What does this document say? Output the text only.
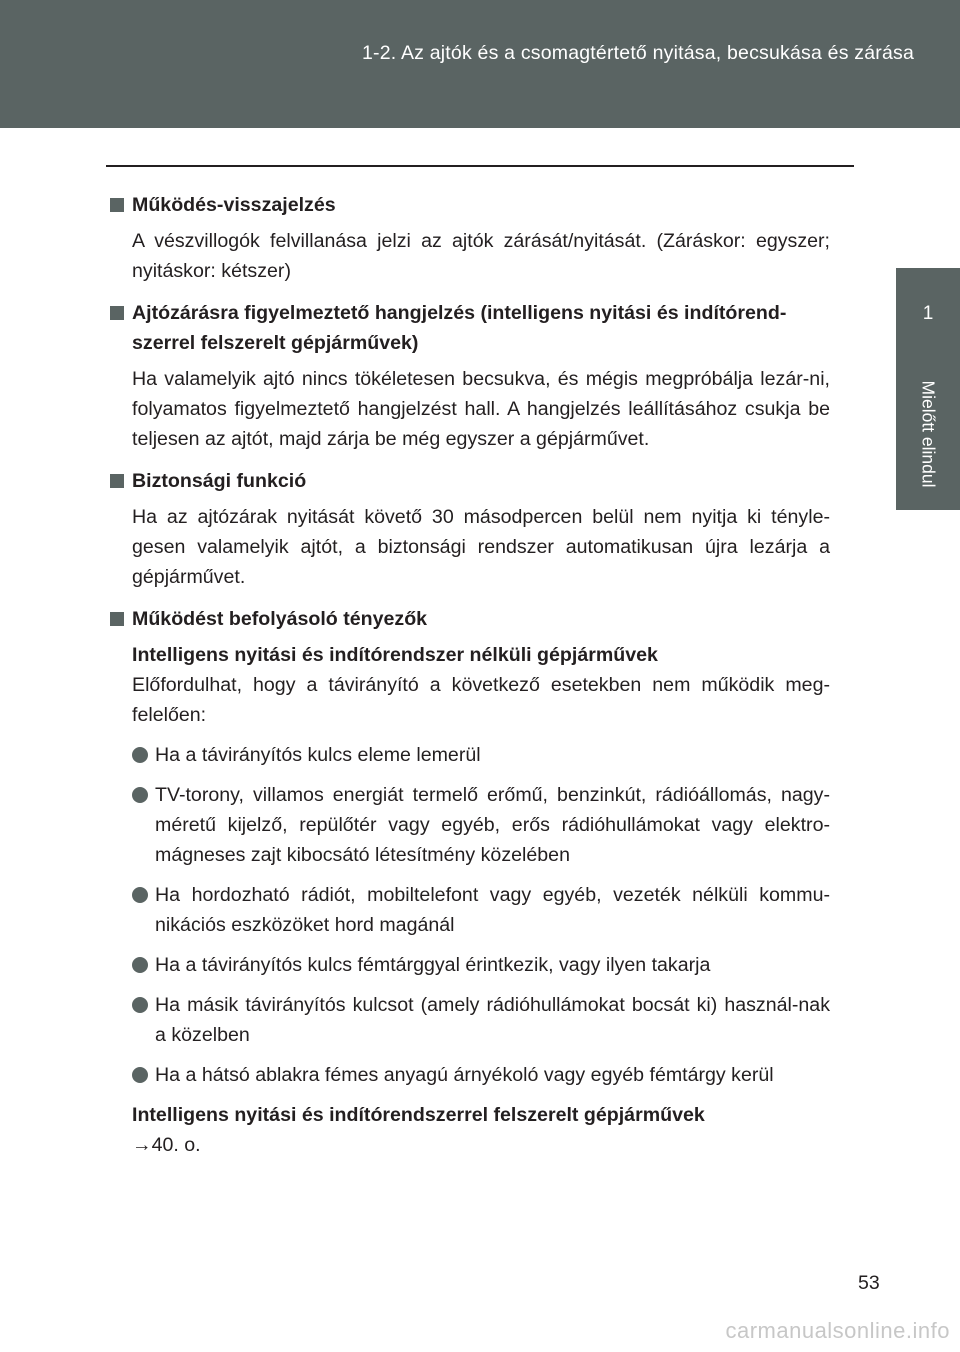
1-2. Az ajtók és a csomagtértető nyitása, becsukása és zárása
1
Mielőtt elindul
Működés-visszajelzés
A vészvillogók felvillanása jelzi az ajtók zárását/nyitását. (Záráskor: egyszer; nyitáskor: kétszer)
Ajtózárásra figyelmeztető hangjelzés (intelligens nyitási és indítórend-szerrel felszerelt gépjárművek)
Ha valamelyik ajtó nincs tökéletesen becsukva, és mégis megpróbálja lezár-ni, folyamatos figyelmeztető hangjelzést hall. A hangjelzés leállításához csukja be teljesen az ajtót, majd zárja be még egyszer a gépjárművet.
Biztonsági funkció
Ha az ajtózárak nyitását követő 30 másodpercen belül nem nyitja ki tényle-gesen valamelyik ajtót, a biztonsági rendszer automatikusan újra lezárja a gépjárművet.
Működést befolyásoló tényezők
Intelligens nyitási és indítórendszer nélküli gépjárművek
Előfordulhat, hogy a távirányító a következő esetekben nem működik meg-felelően:
Ha a távirányítós kulcs eleme lemerül
TV-torony, villamos energiát termelő erőmű, benzinkút, rádióállomás, nagy-méretű kijelző, repülőtér vagy egyéb, erős rádióhullámokat vagy elektro-mágneses zajt kibocsátó létesítmény közelében
Ha hordozható rádiót, mobiltelefont vagy egyéb, vezeték nélküli kommu-nikációs eszközöket hord magánál
Ha a távirányítós kulcs fémtárggyal érintkezik, vagy ilyen takarja
Ha másik távirányítós kulcsot (amely rádióhullámokat bocsát ki) használ-nak a közelben
Ha a hátsó ablakra fémes anyagú árnyékoló vagy egyéb fémtárgy kerül
Intelligens nyitási és indítórendszerrel felszerelt gépjárművek
→40. o.
53
carmanualsonline.info
